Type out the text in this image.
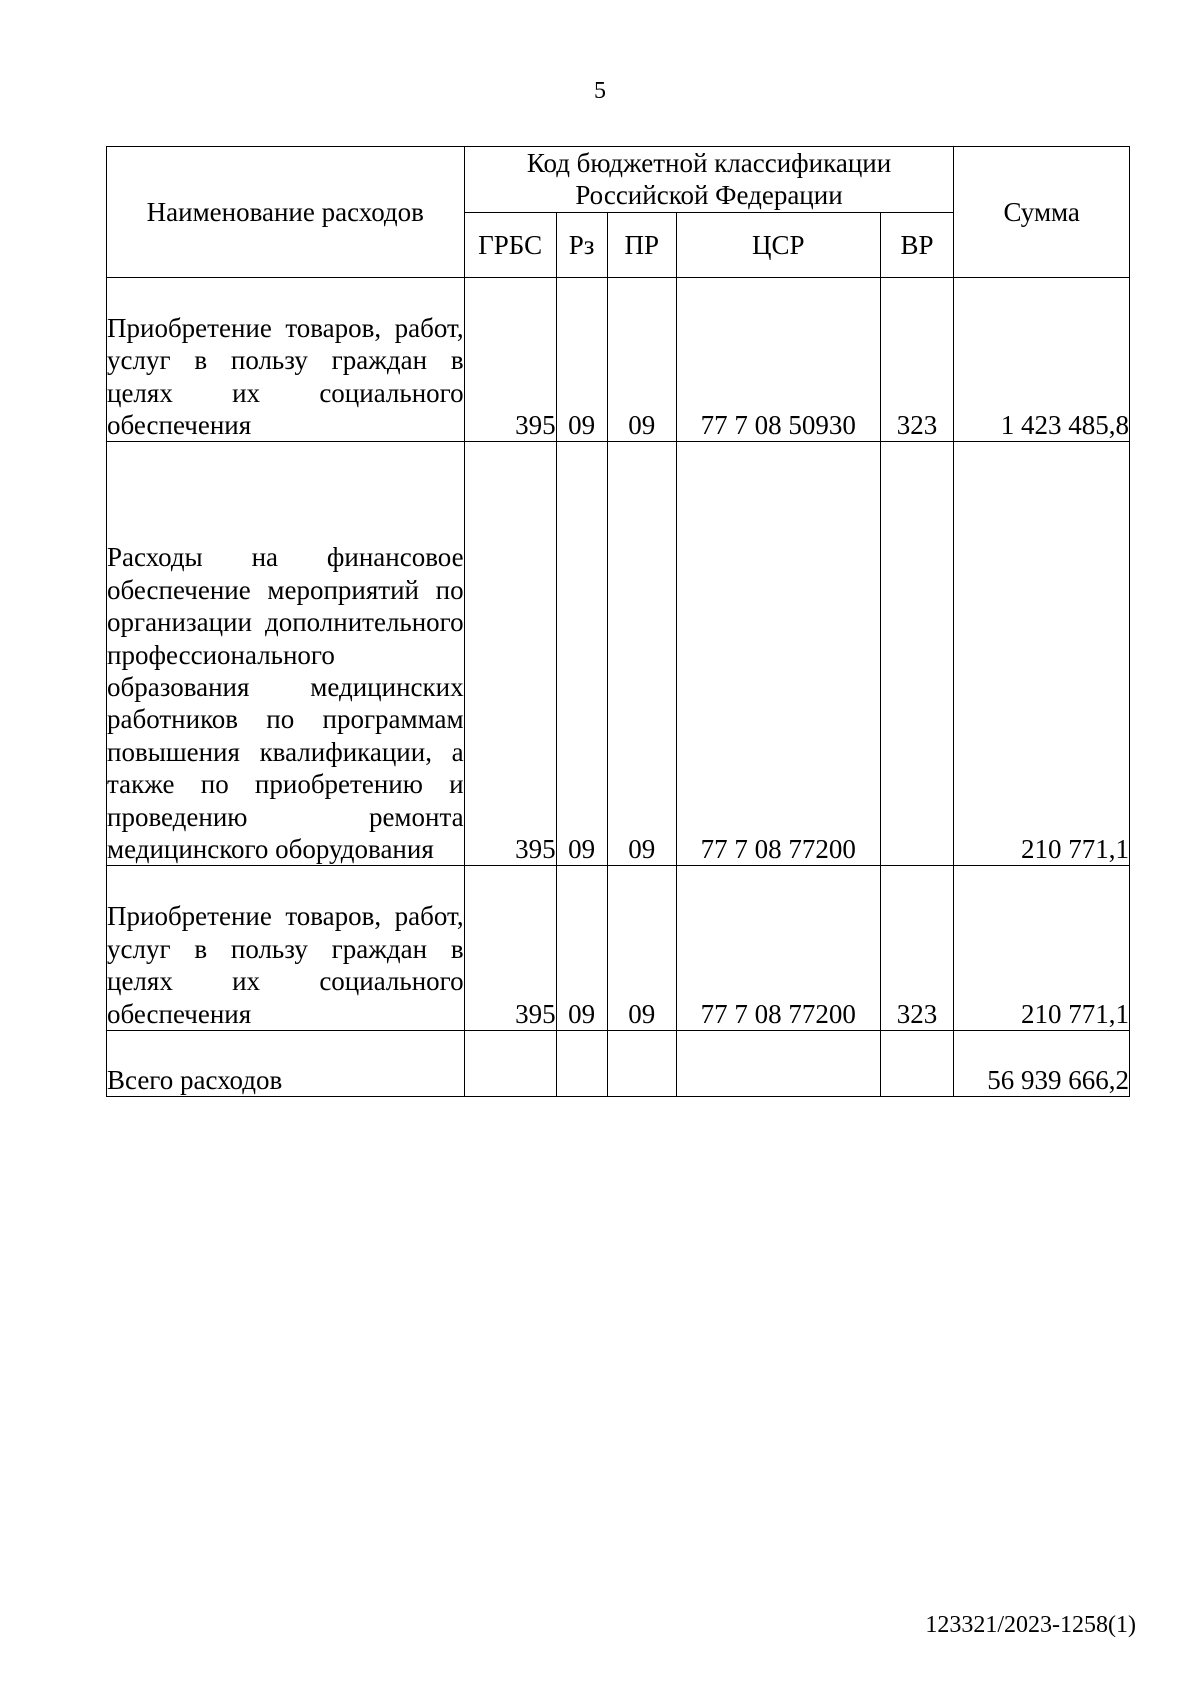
5
Наименование расходов	Код бюджетной классификации Российской Федерации					Сумма
	ГРБС	Рз	ПР	ЦСР	ВР	
Приобретение товаров, работ, услуг в пользу граждан в целях их социального обеспечения	395	09	09	77 7 08 50930	323	1 423 485,8
Расходы на финансовое обеспечение мероприятий по организации дополнительного профессионального образования медицинских работников по программам повышения квалификации, а также по приобретению и проведению ремонта медицинского оборудования	395	09	09	77 7 08 77200		210 771,1
Приобретение товаров, работ, услуг в пользу граждан в целях их социального обеспечения	395	09	09	77 7 08 77200	323	210 771,1
Всего расходов						56 939 666,2
123321/2023-1258(1)
